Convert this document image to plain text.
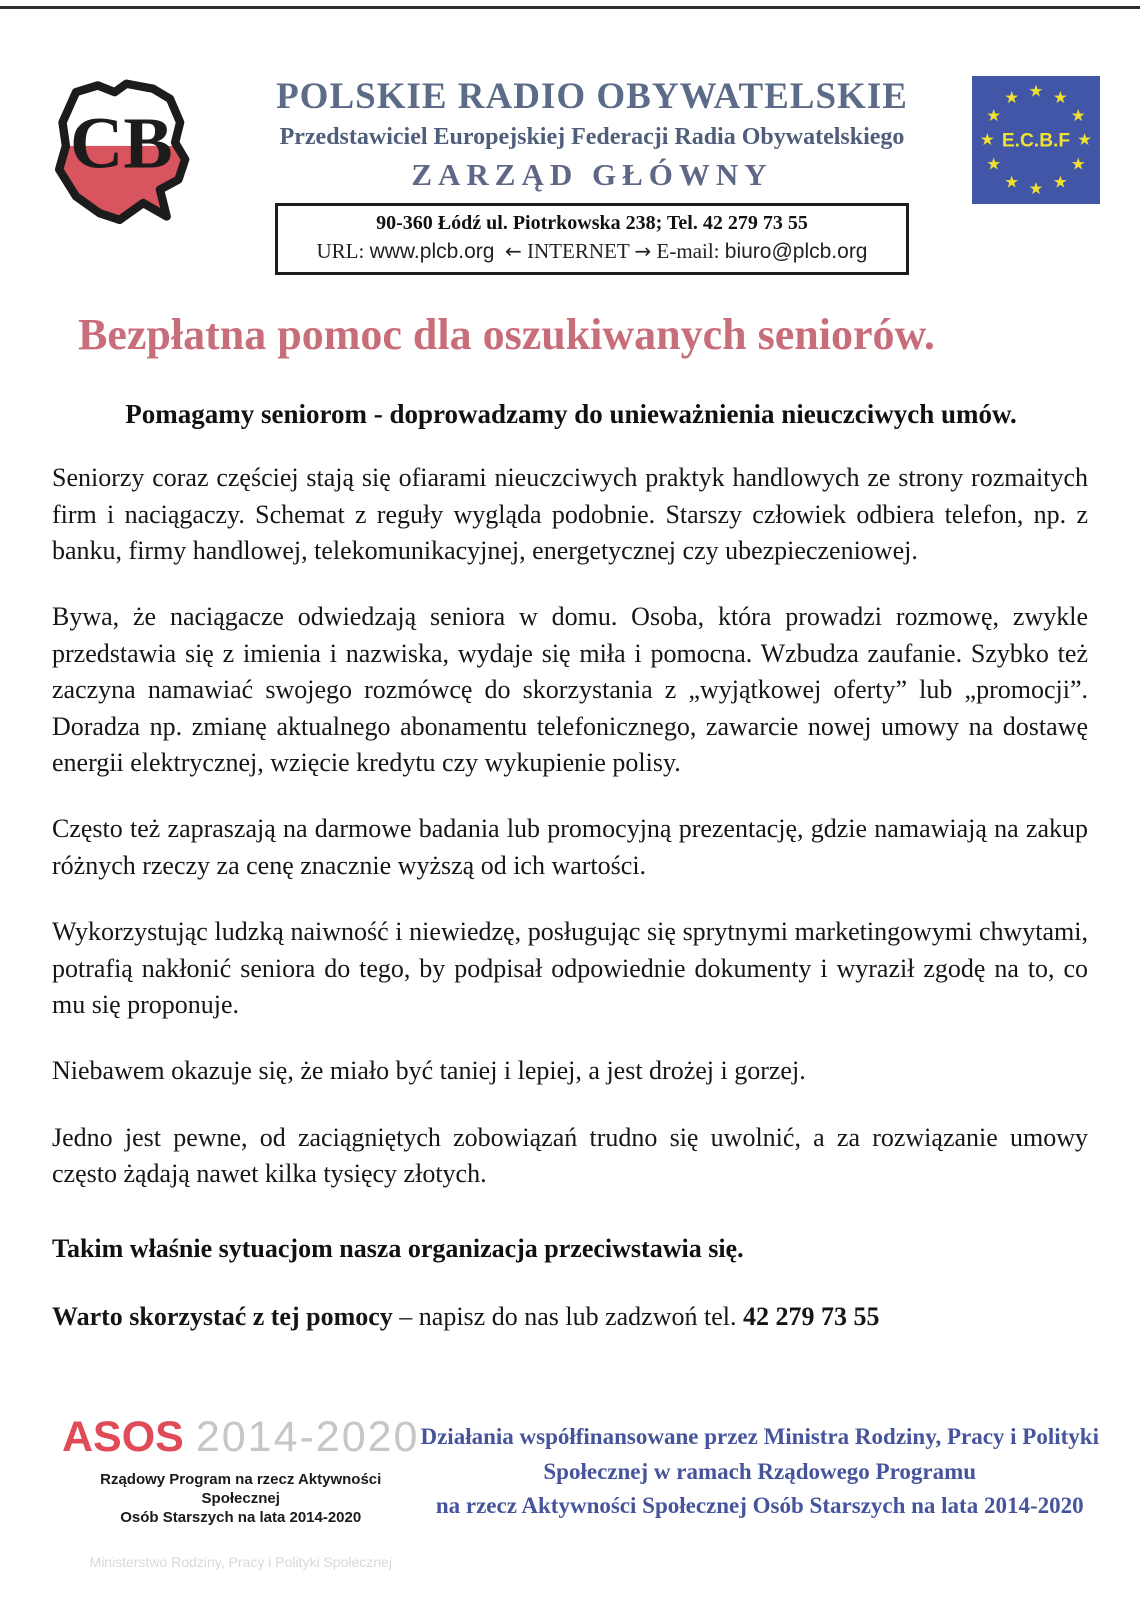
CB

POLSKIE RADIO OBYWATELSKIE

Przedstawiciel Europejskiej Federacji Radia Obywatelskiego

ZARZĄD GŁÓWNY

90-360 Łódź ul. Piotrkowska 238; Tel. 42 279 73 55

URL: www.plcb.org ← INTERNET → E-mail: biuro@plcb.org

★ ★
★
★
★
★
★
★
★
★
★
★
E.C.B.F
Bezpłatna pomoc dla oszukiwanych seniorów.

Pomagamy seniorom - doprowadzamy do unieważnienia nieuczciwych umów.

Seniorzy coraz częściej stają się ofiarami nieuczciwych praktyk handlowych ze strony rozmaitych firm i naciągaczy. Schemat z reguły wygląda podobnie. Starszy człowiek odbiera telefon, np. z banku, firmy handlowej, telekomunikacyjnej, energetycznej czy ubezpieczeniowej.

Bywa, że naciągacze odwiedzają seniora w domu. Osoba, która prowadzi rozmowę, zwykle przedstawia się z imienia i nazwiska, wydaje się miła i pomocna. Wzbudza zaufanie. Szybko też zaczyna namawiać swojego rozmówcę do skorzystania z „wyjątkowej oferty” lub „promocji”. Doradza np. zmianę aktualnego abonamentu telefonicznego, zawarcie nowej umowy na dostawę energii elektrycznej, wzięcie kredytu czy wykupienie polisy.

Często też zapraszają na darmowe badania lub promocyjną prezentację, gdzie namawiają na zakup różnych rzeczy za cenę znacznie wyższą od ich wartości.

Wykorzystując ludzką naiwność i niewiedzę, posługując się sprytnymi marketingowymi chwytami, potrafią nakłonić seniora do tego, by podpisał odpowiednie dokumenty i wyraził zgodę na to, co mu się proponuje.

Niebawem okazuje się, że miało być taniej i lepiej, a jest drożej i gorzej.

Jedno jest pewne, od zaciągniętych zobowiązań trudno się uwolnić, a za rozwiązanie umowy często żądają nawet kilka tysięcy złotych.

Takim właśnie sytuacjom nasza organizacja przeciwstawia się.

Warto skorzystać z tej pomocy – napisz do nas lub zadzwoń tel. 42 279 73 55

ASOS 2014-2020
Rządowy Program na rzecz Aktywności Społecznej
Osób Starszych na lata 2014-2020
Ministerstwo Rodziny, Pracy i Polityki Społecznej
Działania współfinansowane przez Ministra Rodziny, Pracy i Polityki
Społecznej w ramach Rządowego Programu
na rzecz Aktywności Społecznej Osób Starszych na lata 2014-2020
